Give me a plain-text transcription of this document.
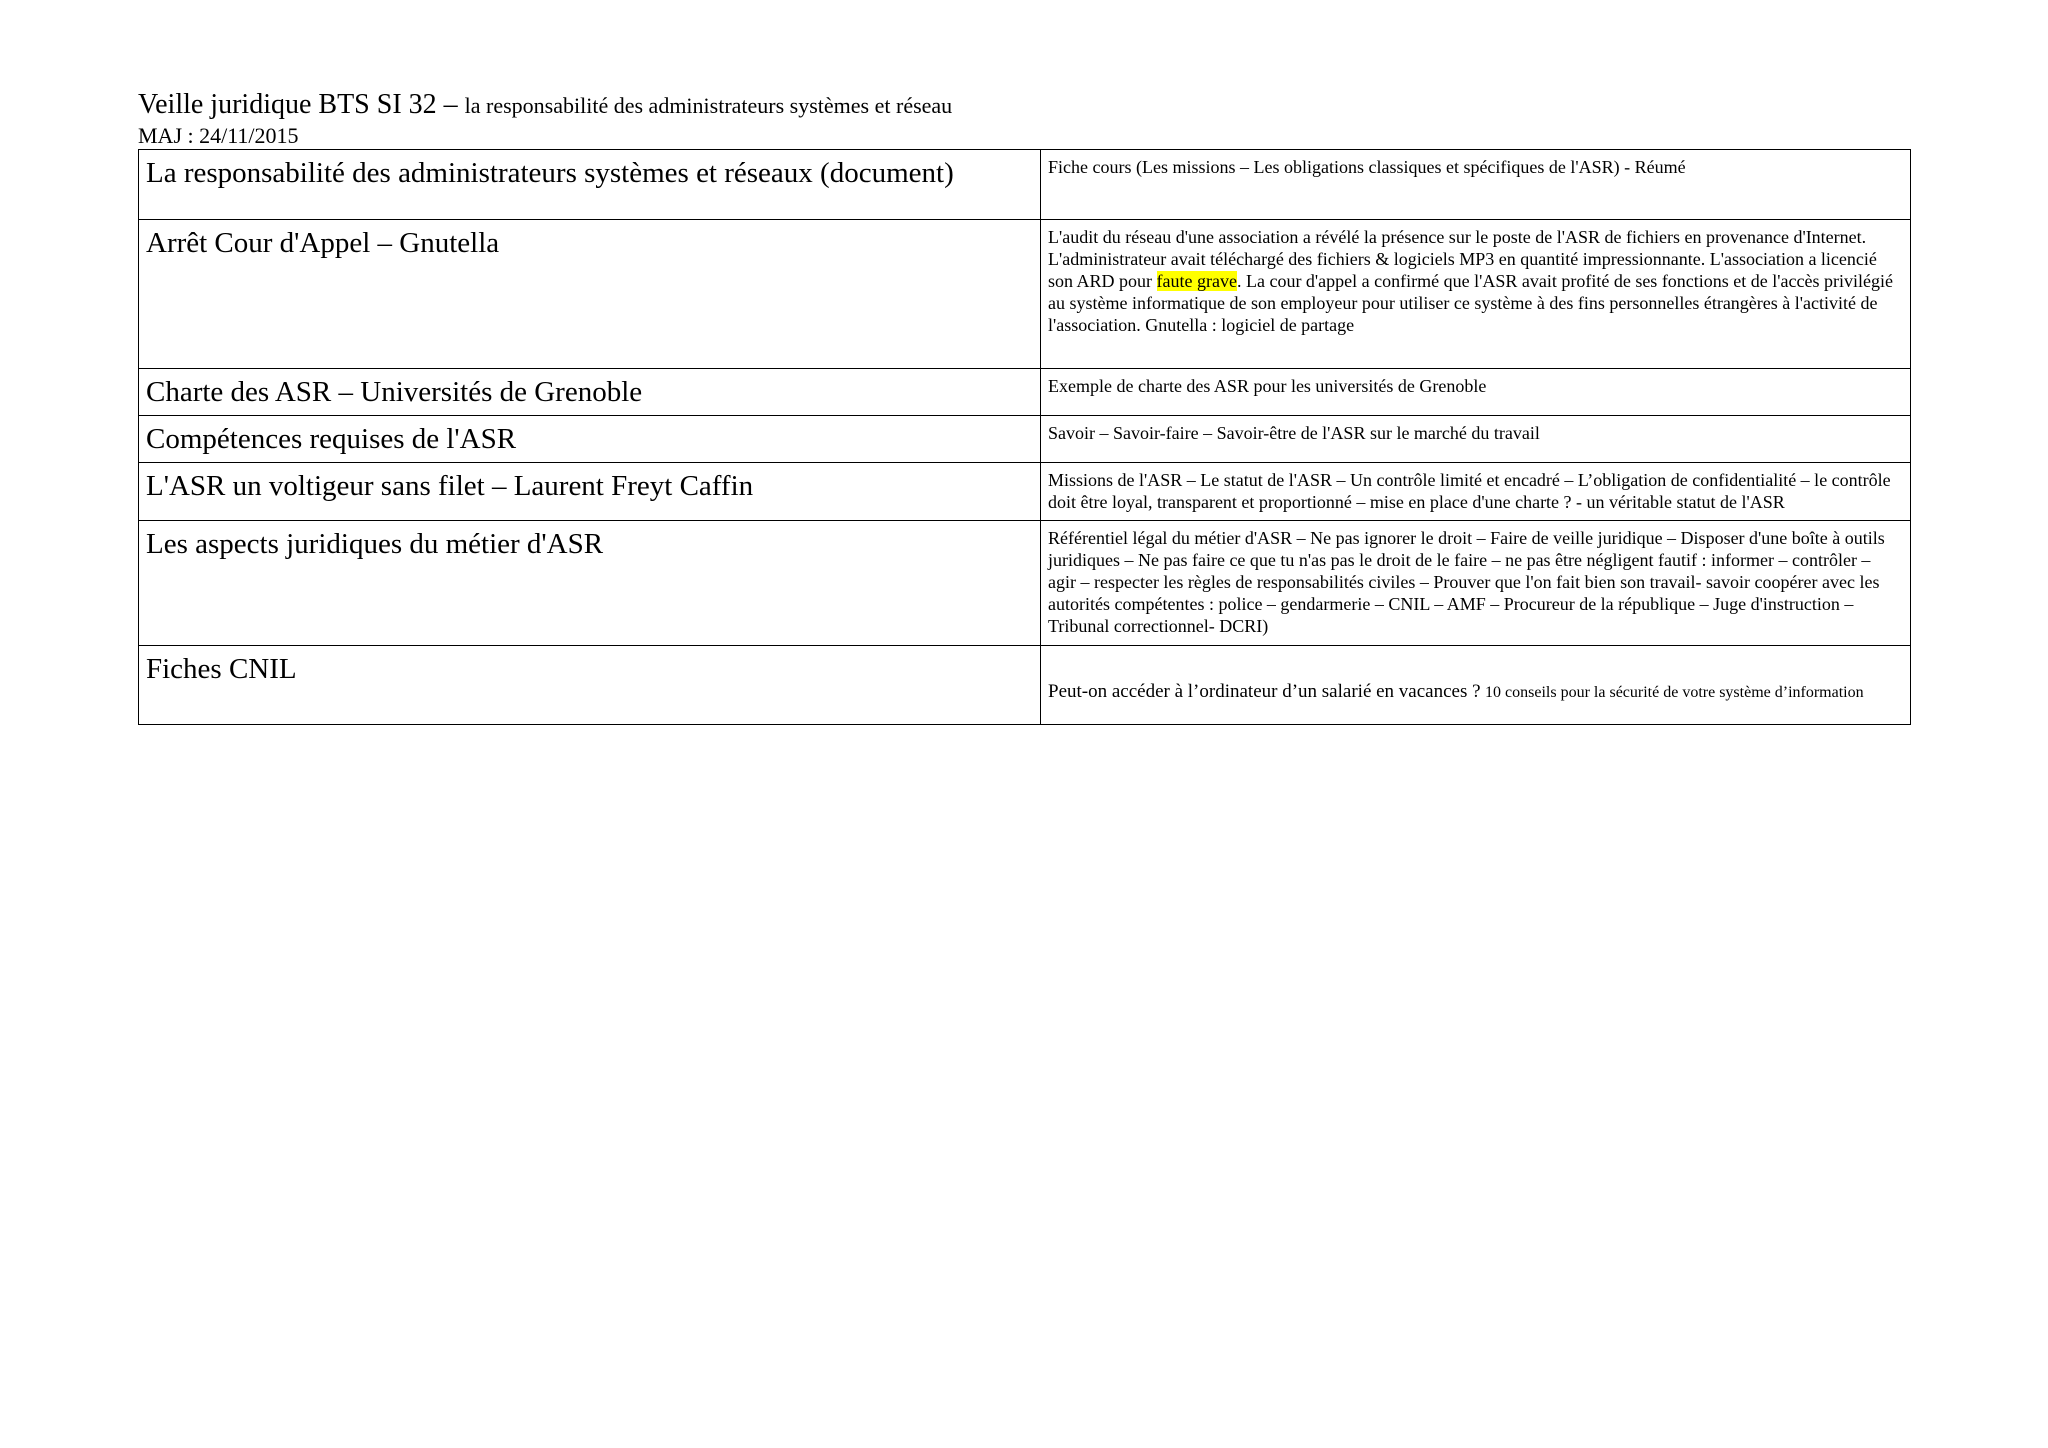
Veille juridique BTS SI 32 – la responsabilité des administrateurs systèmes et réseau
MAJ : 24/11/2015
La responsabilité des administrateurs systèmes et réseaux (document)	Fiche cours (Les missions – Les obligations classiques et spécifiques de l'ASR) - Réumé
Arrêt Cour d'Appel – Gnutella	L'audit du réseau d'une association a révélé la présence sur le poste de l'ASR de fichiers en provenance d'Internet. L'administrateur avait téléchargé des fichiers & logiciels MP3 en quantité impressionnante. L'association a licencié son ARD pour faute grave. La cour d'appel a confirmé que l'ASR avait profité de ses fonctions et de l'accès privilégié au système informatique de son employeur pour utiliser ce système à des fins personnelles étrangères à l'activité de l'association. Gnutella : logiciel de partage
Charte des ASR – Universités de Grenoble	Exemple de charte des ASR pour les universités de Grenoble
Compétences requises de l'ASR	Savoir – Savoir-faire – Savoir-être de l'ASR sur le marché du travail
L'ASR un voltigeur sans filet – Laurent Freyt Caffin	Missions de l'ASR – Le statut de l'ASR – Un contrôle limité et encadré – L’obligation de confidentialité – le contrôle doit être loyal, transparent et proportionné – mise en place d'une charte ? - un véritable statut de l'ASR
Les aspects juridiques du métier d'ASR	Référentiel légal du métier d'ASR – Ne pas ignorer le droit – Faire de veille juridique – Disposer d'une boîte à outils juridiques – Ne pas faire ce que tu n'as pas le droit de le faire – ne pas être négligent fautif : informer – contrôler – agir – respecter les règles de responsabilités civiles – Prouver que l'on fait bien son travail- savoir coopérer avec les autorités compétentes : police – gendarmerie – CNIL – AMF – Procureur de la république – Juge d'instruction – Tribunal correctionnel- DCRI)
Fiches CNIL	Peut-on accéder à l’ordinateur d’un salarié en vacances ? 10 conseils pour la sécurité de votre système d’information
